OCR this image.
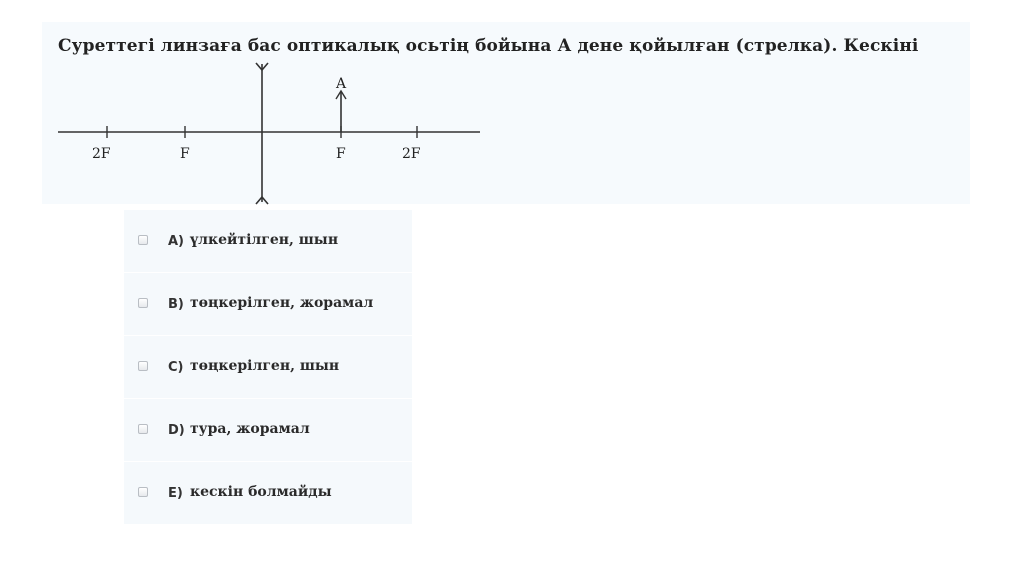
Суреттегі линзаға бас оптикалық осьтің бойына А дене қойылған (стрелка). Кескіні
A
2F	F	F	2F
A) үлкейтілген, шын
B) төңкерілген, жорамал
C) төңкерілген, шын
D) тура, жорамал
E) кескін болмайды
